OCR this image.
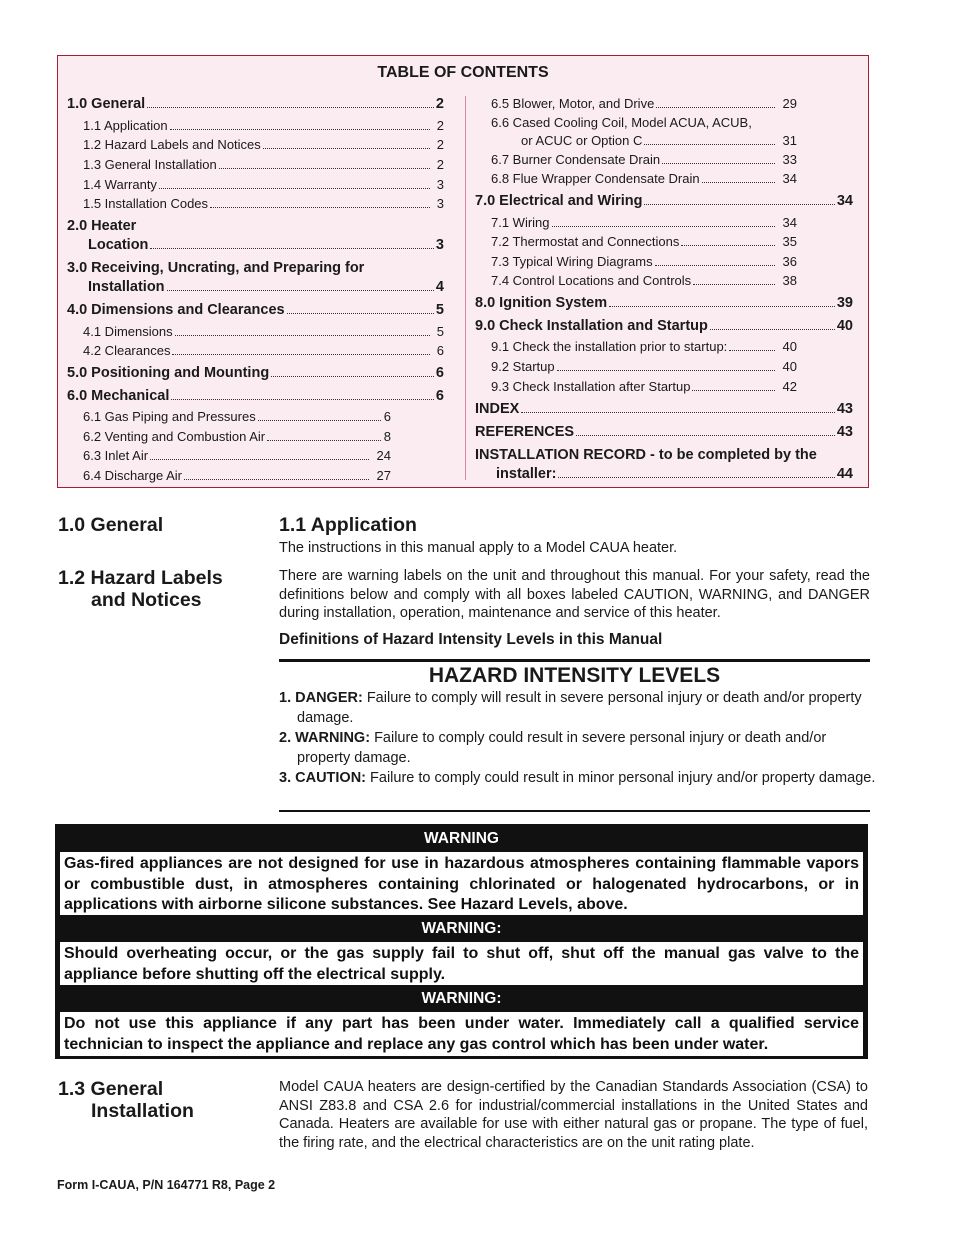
TABLE OF CONTENTS
1.0 General	2
1.1 Application	2
1.2 Hazard Labels and Notices	2
1.3 General Installation	2
1.4 Warranty	3
1.5 Installation Codes	3
2.0 Heater
Location	3
3.0 Receiving, Uncrating, and Preparing for
Installation	4
4.0 Dimensions and Clearances	5
4.1 Dimensions	5
4.2 Clearances	6
5.0 Positioning and Mounting	6
6.0 Mechanical	6
6.1 Gas Piping and Pressures	6
6.2 Venting and Combustion Air	8
6.3 Inlet Air	24
6.4 Discharge Air	27
6.5 Blower, Motor, and Drive	29
6.6 Cased Cooling Coil, Model ACUA, ACUB,
or ACUC or Option C	31
6.7 Burner Condensate Drain	33
6.8 Flue Wrapper Condensate Drain	34
7.0 Electrical and Wiring	34
7.1 Wiring	34
7.2 Thermostat and Connections	35
7.3 Typical Wiring Diagrams	36
7.4 Control Locations and Controls	38
8.0 Ignition System	39
9.0 Check Installation and Startup	40
9.1 Check the installation prior to startup:	40
9.2 Startup	40
9.3 Check Installation after Startup	42
INDEX	43
REFERENCES	43
INSTALLATION RECORD - to be completed by the
installer:	44
1.0 General	1.1 Application
The instructions in this manual apply to a Model CAUA heater.
1.2 Hazard Labels
and Notices
There are warning labels on the unit and throughout this manual. For your safety, read the definitions below and comply with all boxes labeled CAUTION, WARNING, and DANGER during installation, operation, maintenance and service of this heater.
Definitions of Hazard Intensity Levels in this Manual
HAZARD INTENSITY LEVELS
1. DANGER: Failure to comply will result in severe personal injury or death and/or property damage.
2. WARNING: Failure to comply could result in severe personal injury or death and/or property damage.
3. CAUTION: Failure to comply could result in minor personal injury and/or property damage.
WARNING
Gas-fired appliances are not designed for use in hazardous atmospheres containing flammable vapors or combustible dust, in atmospheres containing chlorinated or halogenated hydrocarbons, or in applications with airborne silicone substances. See Hazard Levels, above.
WARNING:
Should overheating occur, or the gas supply fail to shut off, shut off the manual gas valve to the appliance before shutting off the electrical supply.
WARNING:
Do not use this appliance if any part has been under water. Immediately call a qualified service technician to inspect the appliance and replace any gas control which has been under water.
1.3 General
Installation
Model CAUA heaters are design-certified by the Canadian Standards Association (CSA) to ANSI Z83.8 and CSA 2.6 for industrial/commercial installations in the United States and Canada. Heaters are available for use with either natural gas or propane. The type of fuel, the firing rate, and the electrical characteristics are on the unit rating plate.
Form I-CAUA, P/N 164771 R8, Page 2
